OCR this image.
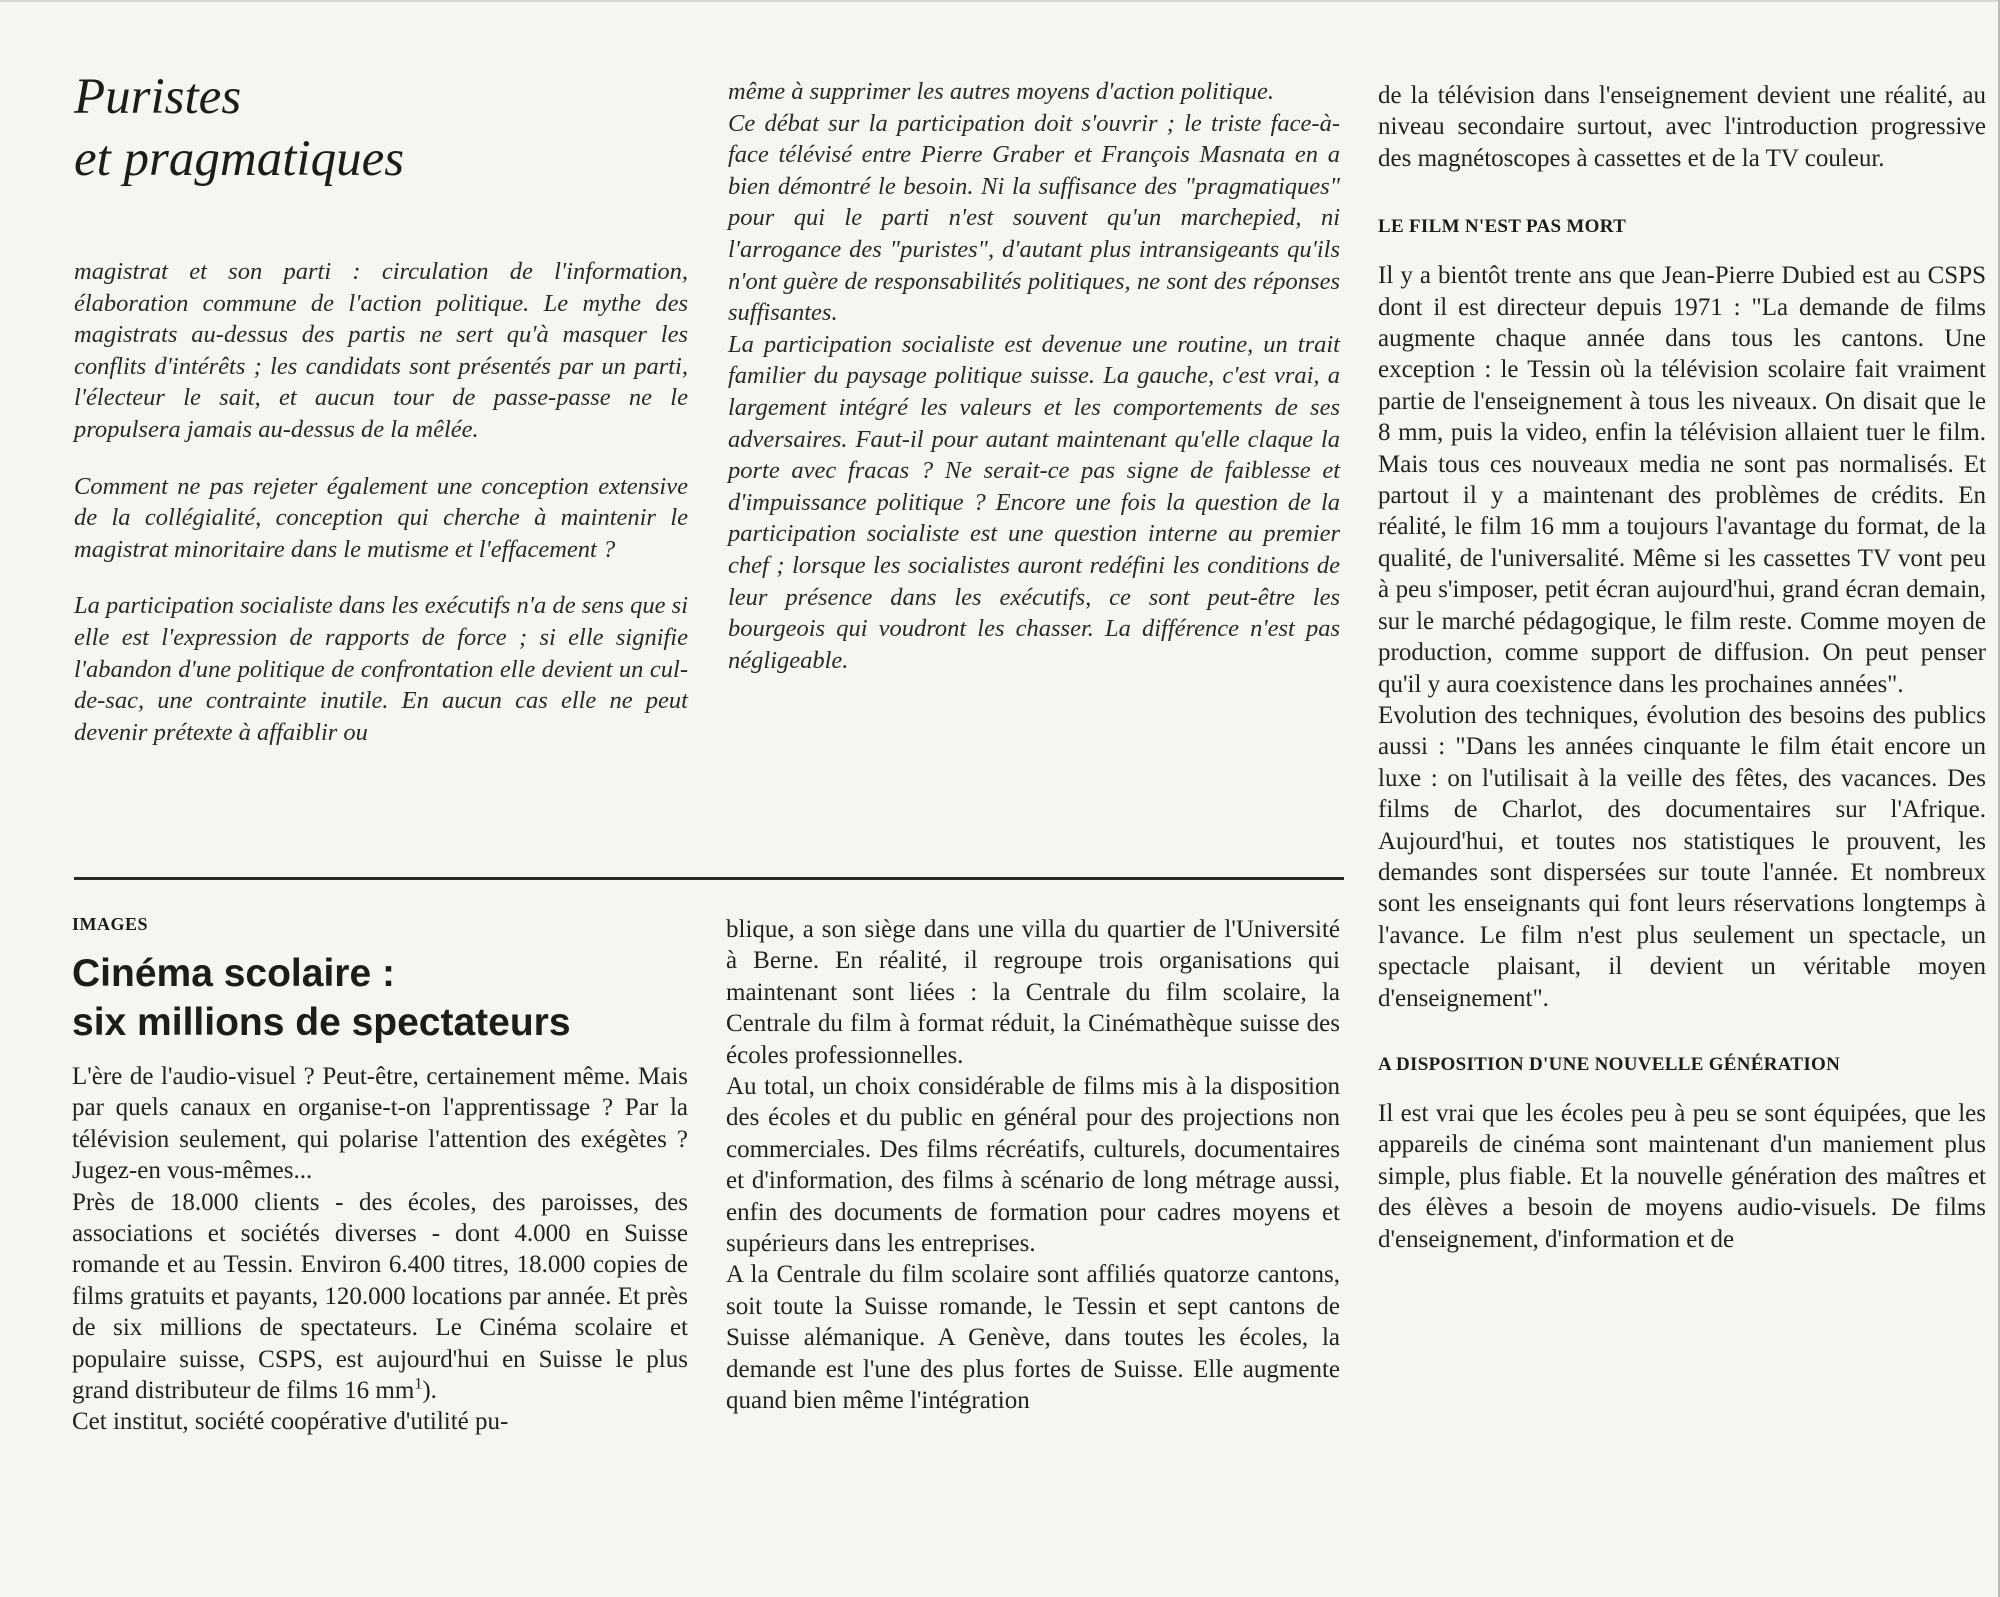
Puristes
et pragmatiques

magistrat et son parti : circulation de l'information, élaboration commune de l'action politique. Le mythe des magistrats au-dessus des partis ne sert qu'à masquer les conflits d'intérêts ; les candidats sont présentés par un parti, l'électeur le sait, et aucun tour de passe-passe ne le propulsera jamais au-dessus de la mêlée.

Comment ne pas rejeter également une conception extensive de la collégialité, conception qui cherche à maintenir le magistrat minoritaire dans le mutisme et l'effacement ?

La participation socialiste dans les exécutifs n'a de sens que si elle est l'expression de rapports de force ; si elle signifie l'abandon d'une politique de confrontation elle devient un cul-de-sac, une contrainte inutile. En aucun cas elle ne peut devenir prétexte à affaiblir ou

même à supprimer les autres moyens d'action politique.

Ce débat sur la participation doit s'ouvrir ; le triste face-à-face télévisé entre Pierre Graber et François Masnata en a bien démontré le besoin. Ni la suffisance des "pragmatiques" pour qui le parti n'est souvent qu'un marchepied, ni l'arrogance des "puristes", d'autant plus intransigeants qu'ils n'ont guère de responsabilités politiques, ne sont des réponses suffisantes.

La participation socialiste est devenue une routine, un trait familier du paysage politique suisse. La gauche, c'est vrai, a largement intégré les valeurs et les comportements de ses adversaires. Faut-il pour autant maintenant qu'elle claque la porte avec fracas ? Ne serait-ce pas signe de faiblesse et d'impuissance politique ? Encore une fois la question de la participation socialiste est une question interne au premier chef ; lorsque les socialistes auront redéfini les conditions de leur présence dans les exécutifs, ce sont peut-être les bourgeois qui voudront les chasser. La différence n'est pas négligeable.

IMAGES
Cinéma scolaire :
six millions de spectateurs

L'ère de l'audio-visuel ? Peut-être, certainement même. Mais par quels canaux en organise-t-on l'apprentissage ? Par la télévision seulement, qui polarise l'attention des exégètes ? Jugez-en vous-mêmes...

Près de 18.000 clients - des écoles, des paroisses, des associations et sociétés diverses - dont 4.000 en Suisse romande et au Tessin. Environ 6.400 titres, 18.000 copies de films gratuits et payants, 120.000 locations par année. Et près de six millions de spectateurs. Le Cinéma scolaire et populaire suisse, CSPS, est aujourd'hui en Suisse le plus grand distributeur de films 16 $mm^1$).

Cet institut, société coopérative d'utilité pu-

blique, a son siège dans une villa du quartier de l'Université à Berne. En réalité, il regroupe trois organisations qui maintenant sont liées : la Centrale du film scolaire, la Centrale du film à format réduit, la Cinémathèque suisse des écoles professionnelles.

Au total, un choix considérable de films mis à la disposition des écoles et du public en général pour des projections non commerciales. Des films récréatifs, culturels, documentaires et d'information, des films à scénario de long métrage aussi, enfin des documents de formation pour cadres moyens et supérieurs dans les entreprises.

A la Centrale du film scolaire sont affiliés quatorze cantons, soit toute la Suisse romande, le Tessin et sept cantons de Suisse alémanique. A Genève, dans toutes les écoles, la demande est l'une des plus fortes de Suisse. Elle augmente quand bien même l'intégration

de la télévision dans l'enseignement devient une réalité, au niveau secondaire surtout, avec l'introduction progressive des magnétoscopes à cassettes et de la TV couleur.

LE FILM N'EST PAS MORT

Il y a bientôt trente ans que Jean-Pierre Dubied est au CSPS dont il est directeur depuis 1971 : "La demande de films augmente chaque année dans tous les cantons. Une exception : le Tessin où la télévision scolaire fait vraiment partie de l'enseignement à tous les niveaux. On disait que le 8 mm, puis la video, enfin la télévision allaient tuer le film. Mais tous ces nouveaux media ne sont pas normalisés. Et partout il y a maintenant des problèmes de crédits. En réalité, le film 16 mm a toujours l'avantage du format, de la qualité, de l'universalité. Même si les cassettes TV vont peu à peu s'imposer, petit écran aujourd'hui, grand écran demain, sur le marché pédagogique, le film reste. Comme moyen de production, comme support de diffusion. On peut penser qu'il y aura coexistence dans les prochaines années".

Evolution des techniques, évolution des besoins des publics aussi : "Dans les années cinquante le film était encore un luxe : on l'utilisait à la veille des fêtes, des vacances. Des films de Charlot, des documentaires sur l'Afrique. Aujourd'hui, et toutes nos statistiques le prouvent, les demandes sont dispersées sur toute l'année. Et nombreux sont les enseignants qui font leurs réservations longtemps à l'avance. Le film n'est plus seulement un spectacle, un spectacle plaisant, il devient un véritable moyen d'enseignement".

A DISPOSITION D'UNE NOUVELLE GÉNÉRATION

Il est vrai que les écoles peu à peu se sont équipées, que les appareils de cinéma sont maintenant d'un maniement plus simple, plus fiable. Et la nouvelle génération des maîtres et des élèves a besoin de moyens audio-visuels. De films d'enseignement, d'information et de
